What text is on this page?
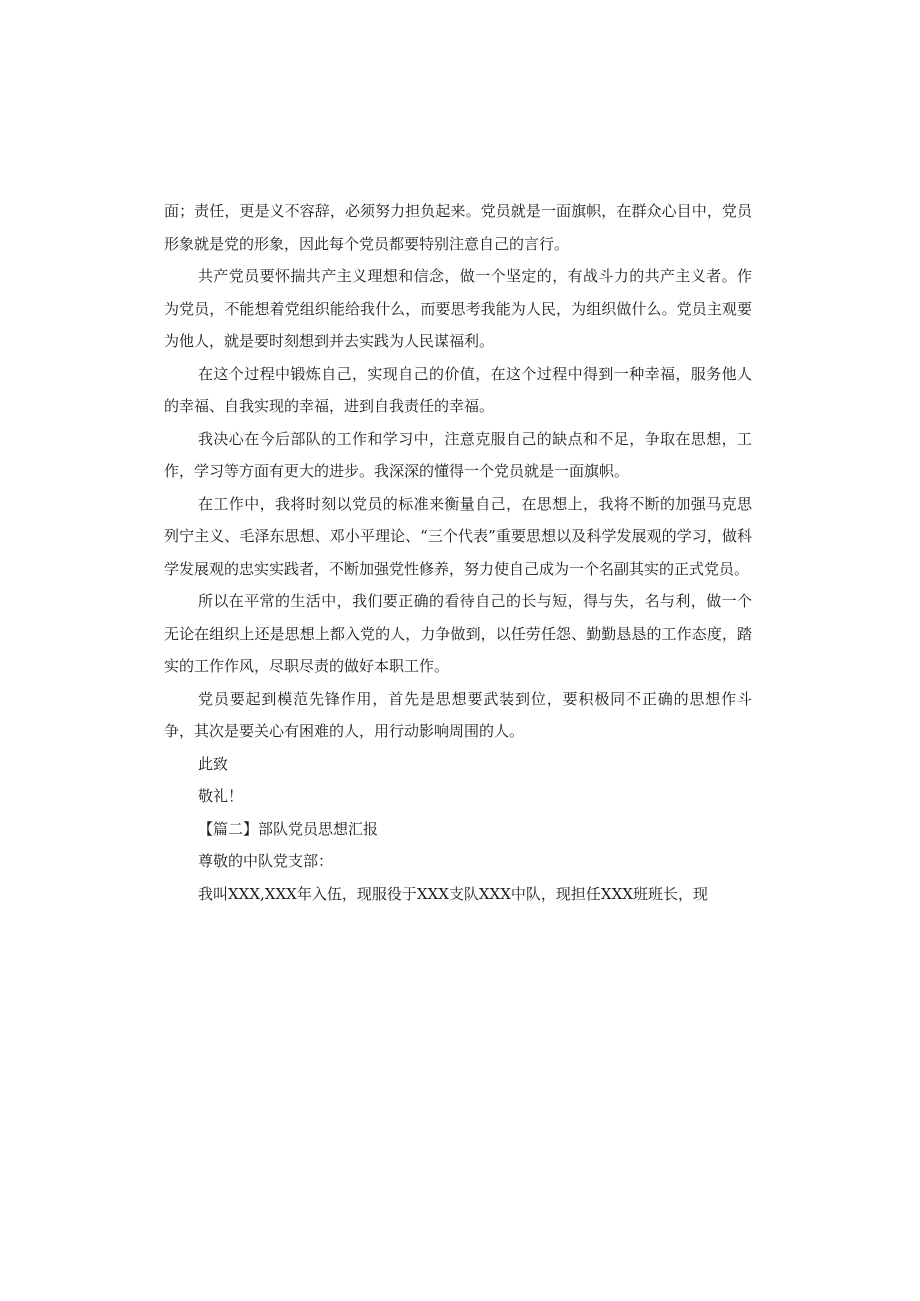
面；责任，更是义不容辞，必须努力担负起来。党员就是一面旗帜，在群众心目中，党员形象就是党的形象，因此每个党员都要特别注意自己的言行。

共产党员要怀揣共产主义理想和信念，做一个坚定的，有战斗力的共产主义者。作为党员，不能想着党组织能给我什么，而要思考我能为人民，为组织做什么。党员主观要为他人，就是要时刻想到并去实践为人民谋福利。

在这个过程中锻炼自己，实现自己的价值，在这个过程中得到一种幸福，服务他人的幸福、自我实现的幸福，进到自我责任的幸福。

我决心在今后部队的工作和学习中，注意克服自己的缺点和不足，争取在思想，工作，学习等方面有更大的进步。我深深的懂得一个党员就是一面旗帜。

在工作中，我将时刻以党员的标准来衡量自己，在思想上，我将不断的加强马克思列宁主义、毛泽东思想、邓小平理论、“三个代表”重要思想以及科学发展观的学习，做科学发展观的忠实实践者，不断加强党性修养，努力使自己成为一个名副其实的正式党员。

所以在平常的生活中，我们要正确的看待自己的长与短，得与失，名与利，做一个无论在组织上还是思想上都入党的人，力争做到，以任劳任怨、勤勤恳恳的工作态度，踏实的工作作风，尽职尽责的做好本职工作。

党员要起到模范先锋作用，首先是思想要武装到位，要积极同不正确的思想作斗争，其次是要关心有困难的人，用行动影响周围的人。

此致

敬礼！

【篇二】部队党员思想汇报

尊敬的中队党支部：

我叫XXX,XXX年入伍，现服役于XXX支队XXX中队，现担任XXX班班长，现
